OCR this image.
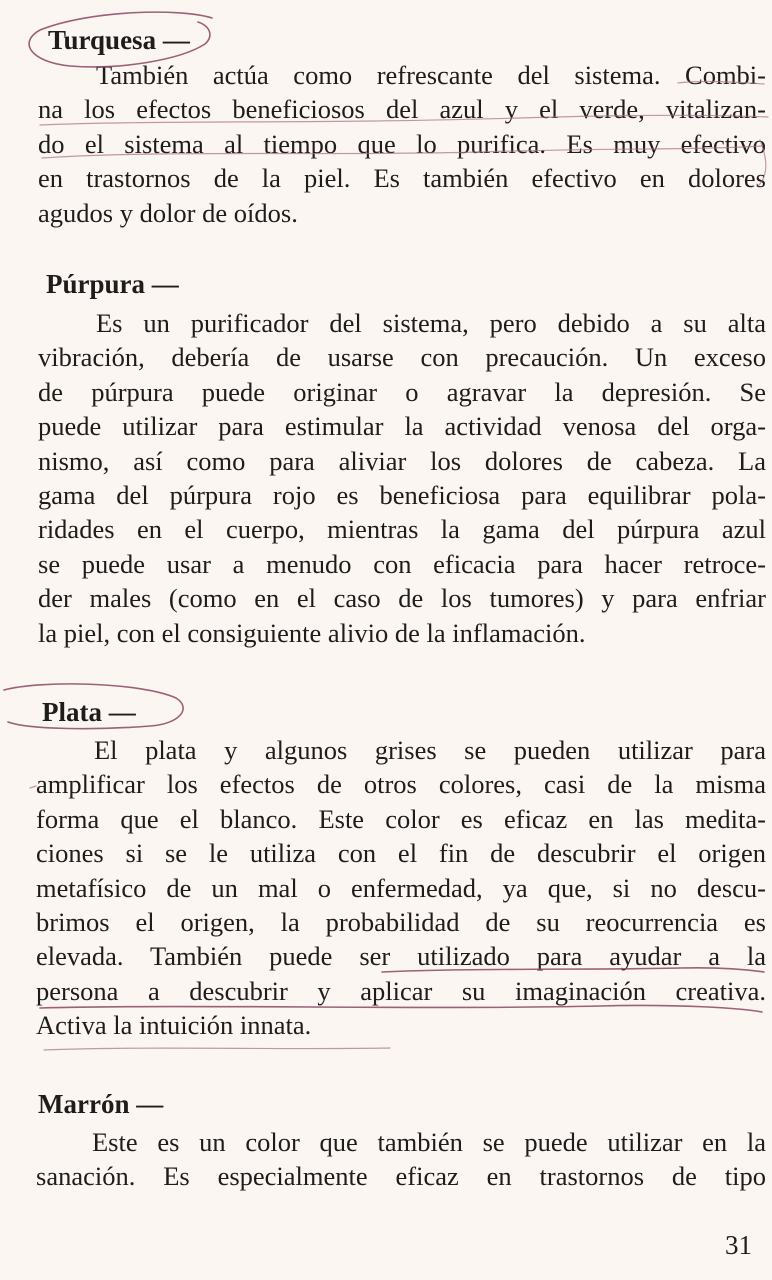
Turquesa —

También actúa como refrescante del sistema. Combi-
na los efectos beneficiosos del azul y el verde, vitalizan-
do el sistema al tiempo que lo purifica. Es muy efectivo
en trastornos de la piel. Es también efectivo en dolores
agudos y dolor de oídos.

Púrpura —

Es un purificador del sistema, pero debido a su alta
vibración, debería de usarse con precaución. Un exceso
de púrpura puede originar o agravar la depresión. Se
puede utilizar para estimular la actividad venosa del orga-
nismo, así como para aliviar los dolores de cabeza. La
gama del púrpura rojo es beneficiosa para equilibrar pola-
ridades en el cuerpo, mientras la gama del púrpura azul
se puede usar a menudo con eficacia para hacer retroce-
der males (como en el caso de los tumores) y para enfriar
la piel, con el consiguiente alivio de la inflamación.

Plata —

El plata y algunos grises se pueden utilizar para
amplificar los efectos de otros colores, casi de la misma
forma que el blanco. Este color es eficaz en las medita-
ciones si se le utiliza con el fin de descubrir el origen
metafísico de un mal o enfermedad, ya que, si no descu-
brimos el origen, la probabilidad de su reocurrencia es
elevada. También puede ser utilizado para ayudar a la
persona a descubrir y aplicar su imaginación creativa.
Activa la intuición innata.

Marrón —

Este es un color que también se puede utilizar en la
sanación. Es especialmente eficaz en trastornos de tipo

31
